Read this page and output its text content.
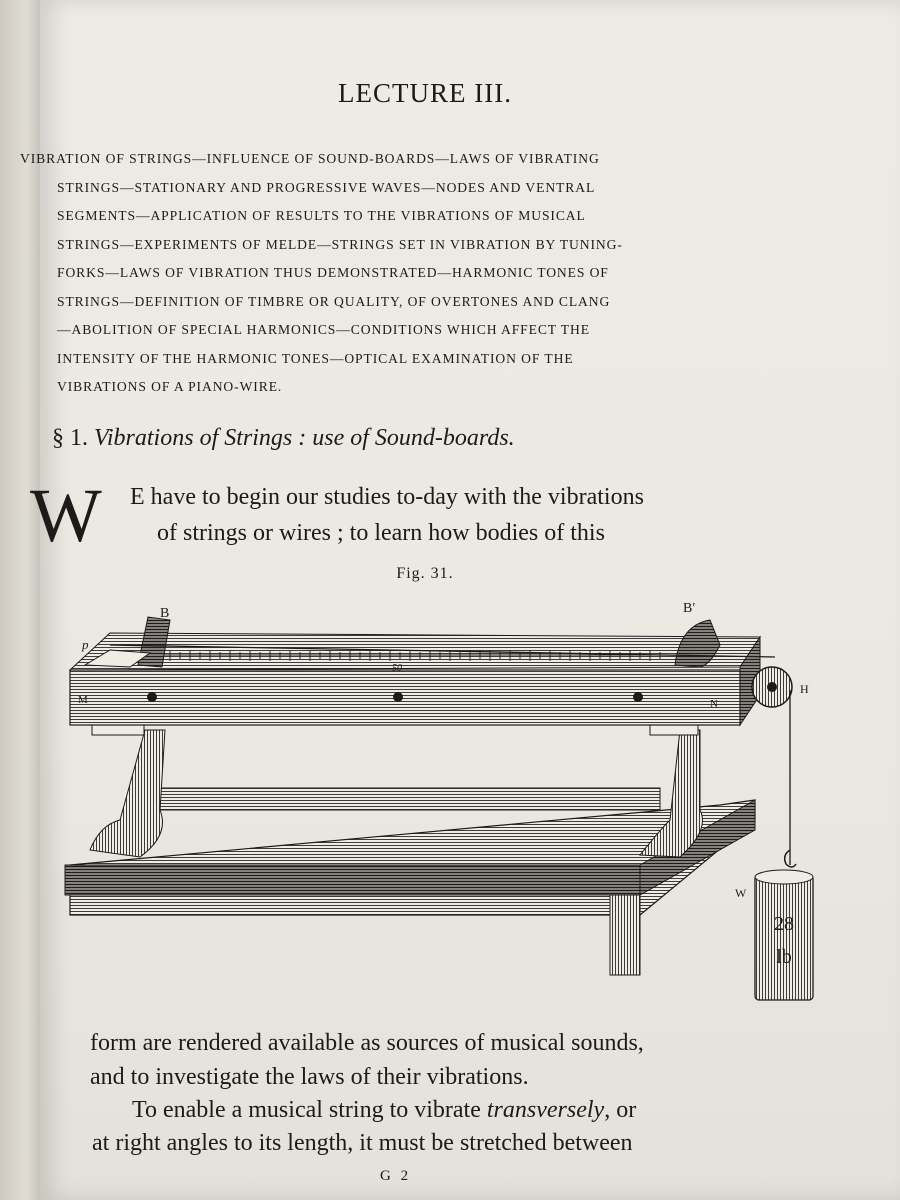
LECTURE III.
VIBRATION OF STRINGS—INFLUENCE OF SOUND-BOARDS—LAWS OF VIBRATING
STRINGS—STATIONARY AND PROGRESSIVE WAVES—NODES AND VENTRAL
SEGMENTS—APPLICATION OF RESULTS TO THE VIBRATIONS OF MUSICAL
STRINGS—EXPERIMENTS OF MELDE—STRINGS SET IN VIBRATION BY TUNING-
FORKS—LAWS OF VIBRATION THUS DEMONSTRATED—HARMONIC TONES OF
STRINGS—DEFINITION OF TIMBRE OR QUALITY, OF OVERTONES AND CLANG
—ABOLITION OF SPECIAL HARMONICS—CONDITIONS WHICH AFFECT THE
INTENSITY OF THE HARMONIC TONES—OPTICAL EXAMINATION OF THE
VIBRATIONS OF A PIANO-WIRE.
§ 1. Vibrations of Strings : use of Sound-boards.
W E have to begin our studies to-day with the vibrations
of strings or wires ; to learn how bodies of this
Fig. 31.
28
lb
B	B′
p
M	N
H
W
50
form are rendered available as sources of musical sounds,
and to investigate the laws of their vibrations.
To enable a musical string to vibrate transversely, or
at right angles to its length, it must be stretched between
G 2
